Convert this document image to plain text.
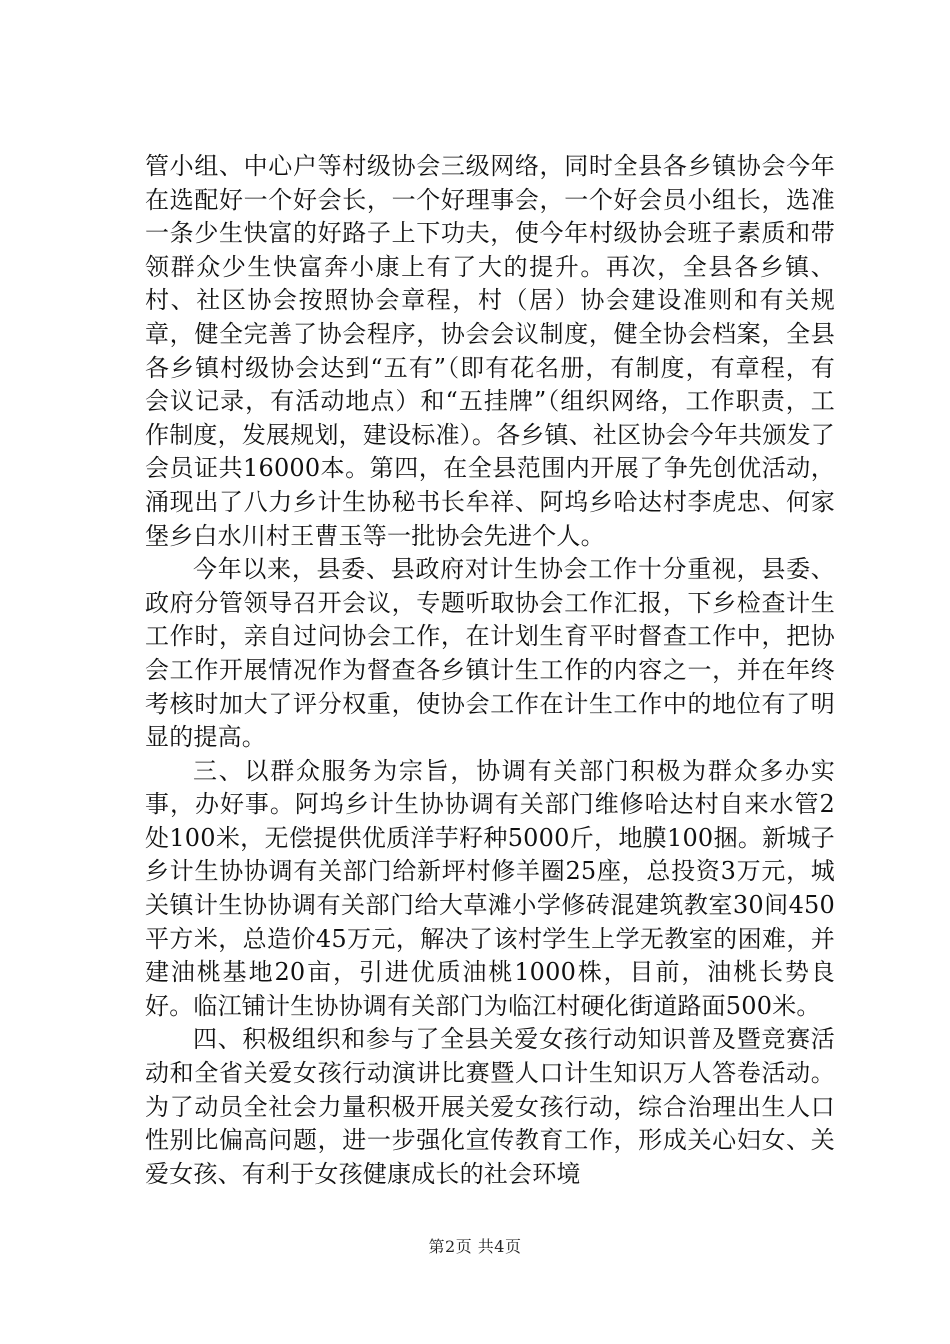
管小组、中心户等村级协会三级网络，同时全县各乡镇协会今年在选配好一个好会长，一个好理事会，一个好会员小组长，选准一条少生快富的好路子上下功夫，使今年村级协会班子素质和带领群众少生快富奔小康上有了大的提升。再次，全县各乡镇、村、社区协会按照协会章程，村（居）协会建设准则和有关规章，健全完善了协会程序，协会会议制度，健全协会档案，全县各乡镇村级协会达到“五有”（即有花名册，有制度，有章程，有会议记录，有活动地点）和“五挂牌”（组织网络，工作职责，工作制度，发展规划，建设标准）。各乡镇、社区协会今年共颁发了会员证共16000本。第四，在全县范围内开展了争先创优活动，涌现出了八力乡计生协秘书长牟祥、阿坞乡哈达村李虎忠、何家堡乡白水川村王曹玉等一批协会先进个人。

今年以来，县委、县政府对计生协会工作十分重视，县委、政府分管领导召开会议，专题听取协会工作汇报，下乡检查计生工作时，亲自过问协会工作，在计划生育平时督查工作中，把协会工作开展情况作为督查各乡镇计生工作的内容之一，并在年终考核时加大了评分权重，使协会工作在计生工作中的地位有了明显的提高。

三、以群众服务为宗旨，协调有关部门积极为群众多办实事，办好事。阿坞乡计生协协调有关部门维修哈达村自来水管2处100米，无偿提供优质洋芋籽种5000斤，地膜100捆。新城子乡计生协协调有关部门给新坪村修羊圈25座，总投资3万元，城关镇计生协协调有关部门给大草滩小学修砖混建筑教室30间450平方米，总造价45万元，解决了该村学生上学无教室的困难，并建油桃基地20亩，引进优质油桃1000株，目前，油桃长势良好。临江铺计生协协调有关部门为临江村硬化街道路面500米。

四、积极组织和参与了全县关爱女孩行动知识普及暨竞赛活动和全省关爱女孩行动演讲比赛暨人口计生知识万人答卷活动。为了动员全社会力量积极开展关爱女孩行动，综合治理出生人口性别比偏高问题，进一步强化宣传教育工作，形成关心妇女、关爱女孩、有利于女孩健康成长的社会环境

第2页 共4页
